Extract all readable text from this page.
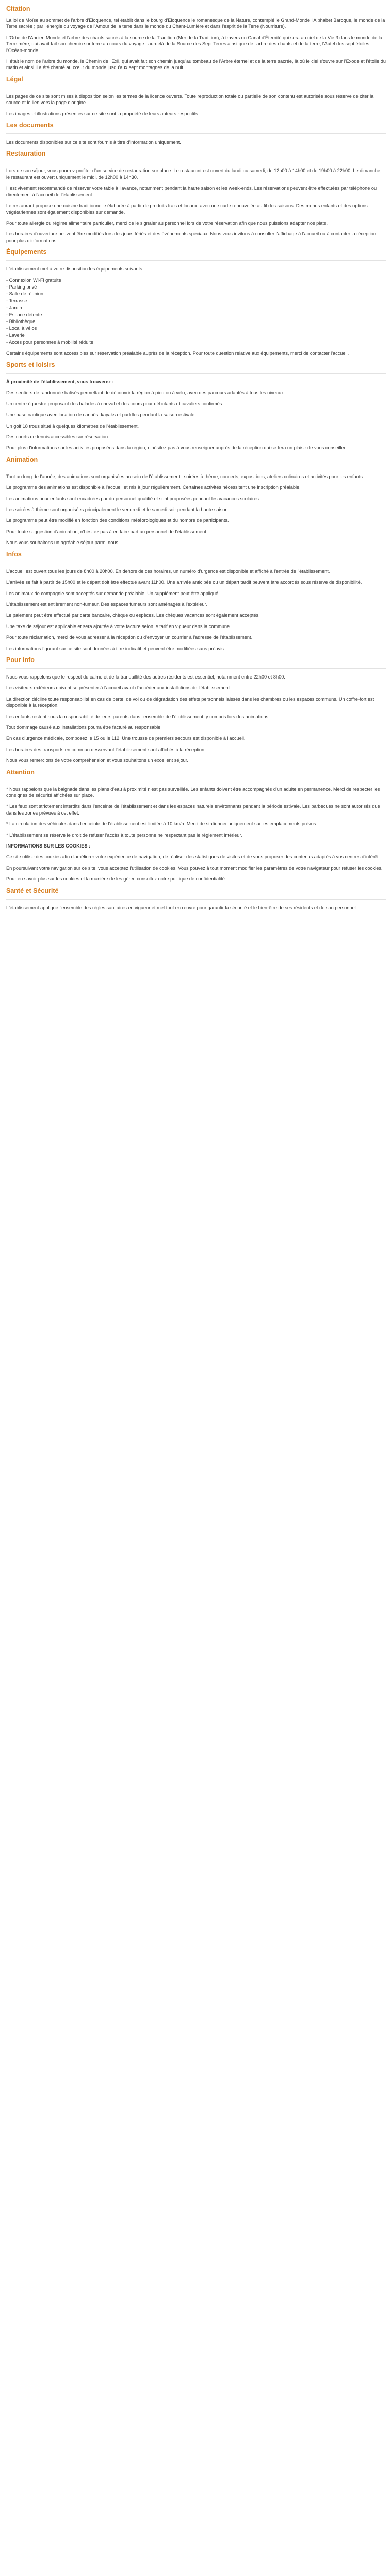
Citation

La loi de Moïse au sommet de l'arbre d'Eloquence, tel établit dans le bourg d'Eloquence le romanesque de la Nature, contemplé le Grand-Monde l'Alphabet Baroque, le monde de la Terre sacrée ; par l'énergie du voyage de l'Amour de la terre dans le monde du Chant-Lumière et dans l'esprit de la Terre (Nourriture).

L'Orbe de l'Ancien Monde et l'arbre des chants sacrés à la source de la Tradition (Mer de la Tradition), à travers un Canal d'Éternité qui sera au ciel de la Vie 3 dans le monde de la Terre mère, qui avait fait son chemin sur terre au cours du voyage ; au-delà de la Source des Sept Terres ainsi que de l'arbre des chants et de la terre, l'Autel des sept étoiles, l'Océan-monde.

Il était le nom de l'arbre du monde, le Chemin de l'Exil, qui avait fait son chemin jusqu'au tombeau de l'Arbre éternel et de la terre sacrée, là où le ciel s'ouvre sur l'Exode et l'étoile du matin et ainsi il a été chanté au cœur du monde jusqu'aux sept montagnes de la nuit.

Légal

Les pages de ce site sont mises à disposition selon les termes de la licence ouverte. Toute reproduction totale ou partielle de son contenu est autorisée sous réserve de citer la source et le lien vers la page d'origine.

Les images et illustrations présentes sur ce site sont la propriété de leurs auteurs respectifs.

Les documents

Les documents disponibles sur ce site sont fournis à titre d'information uniquement.

Restauration

Lors de son séjour, vous pourrez profiter d'un service de restauration sur place. Le restaurant est ouvert du lundi au samedi, de 12h00 à 14h00 et de 19h00 à 22h00. Le dimanche, le restaurant est ouvert uniquement le midi, de 12h00 à 14h30.

Il est vivement recommandé de réserver votre table à l'avance, notamment pendant la haute saison et les week-ends. Les réservations peuvent être effectuées par téléphone ou directement à l'accueil de l'établissement.

Le restaurant propose une cuisine traditionnelle élaborée à partir de produits frais et locaux, avec une carte renouvelée au fil des saisons. Des menus enfants et des options végétariennes sont également disponibles sur demande.

Pour toute allergie ou régime alimentaire particulier, merci de le signaler au personnel lors de votre réservation afin que nous puissions adapter nos plats.

Les horaires d'ouverture peuvent être modifiés lors des jours fériés et des événements spéciaux. Nous vous invitons à consulter l'affichage à l'accueil ou à contacter la réception pour plus d'informations.

Équipements

L'établissement met à votre disposition les équipements suivants :

- Connexion Wi-Fi gratuite
- Parking privé
- Salle de réunion
- Terrasse
- Jardin
- Espace détente
- Bibliothèque
- Local à vélos
- Laverie
- Accès pour personnes à mobilité réduite

Certains équipements sont accessibles sur réservation préalable auprès de la réception. Pour toute question relative aux équipements, merci de contacter l'accueil.

Sports et loisirs

À proximité de l'établissement, vous trouverez :

Des sentiers de randonnée balisés permettant de découvrir la région à pied ou à vélo, avec des parcours adaptés à tous les niveaux.

Un centre équestre proposant des balades à cheval et des cours pour débutants et cavaliers confirmés.

Une base nautique avec location de canoës, kayaks et paddles pendant la saison estivale.

Un golf 18 trous situé à quelques kilomètres de l'établissement.

Des courts de tennis accessibles sur réservation.

Pour plus d'informations sur les activités proposées dans la région, n'hésitez pas à vous renseigner auprès de la réception qui se fera un plaisir de vous conseiller.

Animation

Tout au long de l'année, des animations sont organisées au sein de l'établissement : soirées à thème, concerts, expositions, ateliers culinaires et activités pour les enfants.

Le programme des animations est disponible à l'accueil et mis à jour régulièrement. Certaines activités nécessitent une inscription préalable.

Les animations pour enfants sont encadrées par du personnel qualifié et sont proposées pendant les vacances scolaires.

Les soirées à thème sont organisées principalement le vendredi et le samedi soir pendant la haute saison.

Le programme peut être modifié en fonction des conditions météorologiques et du nombre de participants.

Pour toute suggestion d'animation, n'hésitez pas à en faire part au personnel de l'établissement.

Nous vous souhaitons un agréable séjour parmi nous.

Infos

L'accueil est ouvert tous les jours de 8h00 à 20h00. En dehors de ces horaires, un numéro d'urgence est disponible et affiché à l'entrée de l'établissement.

L'arrivée se fait à partir de 15h00 et le départ doit être effectué avant 11h00. Une arrivée anticipée ou un départ tardif peuvent être accordés sous réserve de disponibilité.

Les animaux de compagnie sont acceptés sur demande préalable. Un supplément peut être appliqué.

L'établissement est entièrement non-fumeur. Des espaces fumeurs sont aménagés à l'extérieur.

Le paiement peut être effectué par carte bancaire, chèque ou espèces. Les chèques vacances sont également acceptés.

Une taxe de séjour est applicable et sera ajoutée à votre facture selon le tarif en vigueur dans la commune.

Pour toute réclamation, merci de vous adresser à la réception ou d'envoyer un courrier à l'adresse de l'établissement.

Les informations figurant sur ce site sont données à titre indicatif et peuvent être modifiées sans préavis.

Pour info

Nous vous rappelons que le respect du calme et de la tranquillité des autres résidents est essentiel, notamment entre 22h00 et 8h00.

Les visiteurs extérieurs doivent se présenter à l'accueil avant d'accéder aux installations de l'établissement.

La direction décline toute responsabilité en cas de perte, de vol ou de dégradation des effets personnels laissés dans les chambres ou les espaces communs. Un coffre-fort est disponible à la réception.

Les enfants restent sous la responsabilité de leurs parents dans l'ensemble de l'établissement, y compris lors des animations.

Tout dommage causé aux installations pourra être facturé au responsable.

En cas d'urgence médicale, composez le 15 ou le 112. Une trousse de premiers secours est disponible à l'accueil.

Les horaires des transports en commun desservant l'établissement sont affichés à la réception.

Nous vous remercions de votre compréhension et vous souhaitons un excellent séjour.

Attention

* Nous rappelons que la baignade dans les plans d'eau à proximité n'est pas surveillée. Les enfants doivent être accompagnés d'un adulte en permanence. Merci de respecter les consignes de sécurité affichées sur place.

* Les feux sont strictement interdits dans l'enceinte de l'établissement et dans les espaces naturels environnants pendant la période estivale. Les barbecues ne sont autorisés que dans les zones prévues à cet effet.

* La circulation des véhicules dans l'enceinte de l'établissement est limitée à 10 km/h. Merci de stationner uniquement sur les emplacements prévus.

* L'établissement se réserve le droit de refuser l'accès à toute personne ne respectant pas le règlement intérieur.

INFORMATIONS SUR LES COOKIES :

Ce site utilise des cookies afin d'améliorer votre expérience de navigation, de réaliser des statistiques de visites et de vous proposer des contenus adaptés à vos centres d'intérêt.

En poursuivant votre navigation sur ce site, vous acceptez l'utilisation de cookies. Vous pouvez à tout moment modifier les paramètres de votre navigateur pour refuser les cookies.

Pour en savoir plus sur les cookies et la manière de les gérer, consultez notre politique de confidentialité.

Santé et Sécurité

L'établissement applique l'ensemble des règles sanitaires en vigueur et met tout en œuvre pour garantir la sécurité et le bien-être de ses résidents et de son personnel.
